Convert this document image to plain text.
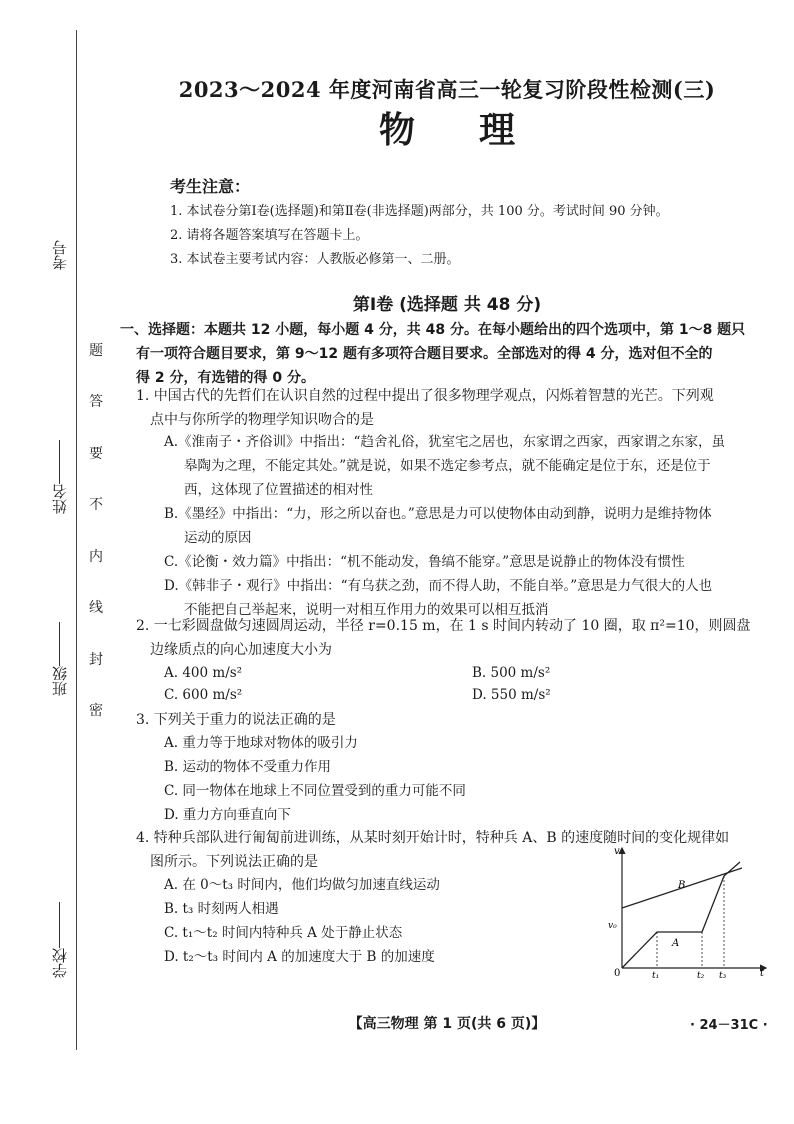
考号
姓名
班级
学校
题
答
要
不
内
线
封
密
2023～2024 年度河南省高三一轮复习阶段性检测(三)
物理
考生注意：
1. 本试卷分第Ⅰ卷(选择题)和第Ⅱ卷(非选择题)两部分，共 100 分。考试时间 90 分钟。
2. 请将各题答案填写在答题卡上。
3. 本试卷主要考试内容：人教版必修第一、二册。
第Ⅰ卷 (选择题 共 48 分)
一、选择题：本题共 12 小题，每小题 4 分，共 48 分。在每小题给出的四个选项中，第 1～8 题只
有一项符合题目要求，第 9～12 题有多项符合题目要求。全部选对的得 4 分，选对但不全的
得 2 分，有选错的得 0 分。
1. 中国古代的先哲们在认识自然的过程中提出了很多物理学观点，闪烁着智慧的光芒。下列观
点中与你所学的物理学知识吻合的是
A.《淮南子・齐俗训》中指出：“趋舍礼俗，犹室宅之居也，东家谓之西家，西家谓之东家，虽
皋陶为之理，不能定其处。”就是说，如果不选定参考点，就不能确定是位于东，还是位于
西，这体现了位置描述的相对性
B.《墨经》中指出：“力，形之所以奋也。”意思是力可以使物体由动到静，说明力是维持物体
运动的原因
C.《论衡・效力篇》中指出：“机不能动发，鲁缟不能穿。”意思是说静止的物体没有惯性
D.《韩非子・观行》中指出：“有乌获之劲，而不得人助，不能自举。”意思是力气很大的人也
不能把自己举起来，说明一对相互作用力的效果可以相互抵消
2. 一七彩圆盘做匀速圆周运动，半径 r=0.15 m，在 1 s 时间内转动了 10 圈，取 π²=10，则圆盘
边缘质点的向心加速度大小为
A. 400 m/s²	B. 500 m/s²
C. 600 m/s²	D. 550 m/s²
3. 下列关于重力的说法正确的是
A. 重力等于地球对物体的吸引力
B. 运动的物体不受重力作用
C. 同一物体在地球上不同位置受到的重力可能不同
D. 重力方向垂直向下
4. 特种兵部队进行匍匐前进训练，从某时刻开始计时，特种兵 A、B 的速度随时间的变化规律如
图所示。下列说法正确的是
A. 在 0～t₃ 时间内，他们均做匀加速直线运动
B. t₃ 时刻两人相遇
C. t₁～t₂ 时间内特种兵 A 处于静止状态
D. t₂～t₃ 时间内 A 的加速度大于 B 的加速度
v
t
0
v₀
B
A
t₁	t₂ t₃
【高三物理 第 1 页(共 6 页)】	· 24－31C ·
